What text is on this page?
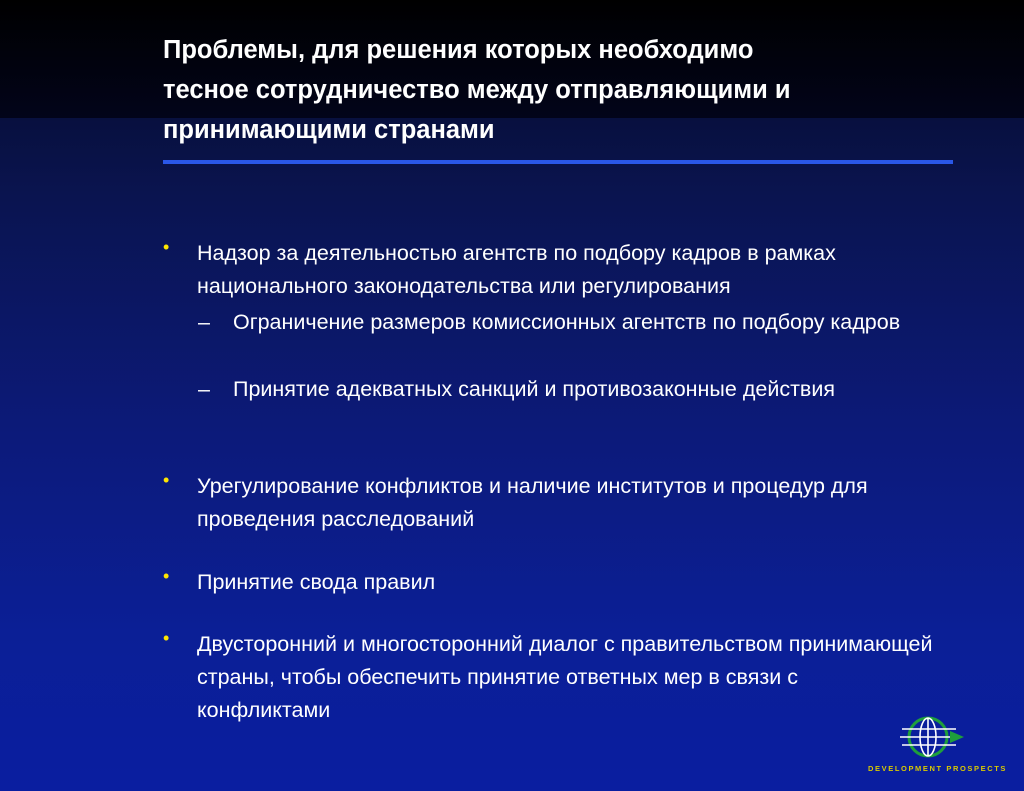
Проблемы, для решения которых необходимо
тесное сотрудничество между отправляющими и
принимающими странами
• Надзор за деятельностью агентств по подбору кадров в рамках национального законодательства или регулирования
– Ограничение размеров комиссионных агентств по подбору кадров
– Принятие адекватных санкций и противозаконные действия
• Урегулирование конфликтов и наличие институтов и процедур для проведения расследований
• Принятие свода правил
• Двусторонний и многосторонний диалог с правительством принимающей страны, чтобы обеспечить принятие ответных мер в связи с конфликтами
DEVELOPMENT PROSPECTS
